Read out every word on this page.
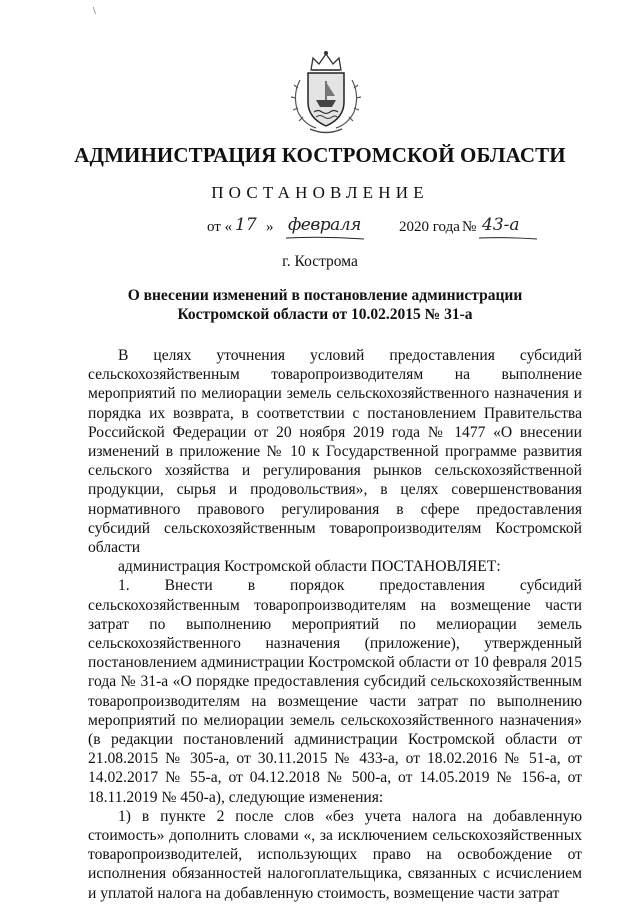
\
АДМИНИСТРАЦИЯ КОСТРОМСКОЙ ОБЛАСТИ
ПОСТАНОВЛЕНИЕ
от « 17 » февраля	2020 года № 43-а
г. Кострома
О внесении изменений в постановление администрации
Костромской области от 10.02.2015 № 31-а

В целях уточнения условий предоставления субсидий сельскохозяйственным товаропроизводителям на выполнение мероприятий по мелиорации земель сельскохозяйственного назначения и порядка их возврата, в соответствии с постановлением Правительства Российской Федерации от 20 ноября 2019 года № 1477 «О внесении изменений в приложение № 10 к Государственной программе развития сельского хозяйства и регулирования рынков сельскохозяйственной продукции, сырья и продовольствия», в целях совершенствования нормативного правового регулирования в сфере предоставления субсидий сельскохозяйственным товаропроизводителям Костромской области

администрация Костромской области ПОСТАНОВЛЯЕТ:

1. Внести в порядок предоставления субсидий сельскохозяйственным товаропроизводителям на возмещение части затрат по выполнению мероприятий по мелиорации земель сельскохозяйственного назначения (приложение), утвержденный постановлением администрации Костромской области от 10 февраля 2015 года № 31-а «О порядке предоставления субсидий сельскохозяйственным товаропроизводителям на возмещение части затрат по выполнению мероприятий по мелиорации земель сельскохозяйственного назначения» (в редакции постановлений администрации Костромской области от 21.08.2015 № 305-а, от 30.11.2015 № 433-а, от 18.02.2016 № 51-а, от 14.02.2017 № 55-а, от 04.12.2018 № 500-а, от 14.05.2019 № 156-а, от 18.11.2019 № 450-а), следующие изменения:

1) в пункте 2 после слов «без учета налога на добавленную стоимость» дополнить словами «, за исключением сельскохозяйственных товаропроизводителей, использующих право на освобождение от исполнения обязанностей налогоплательщика, связанных с исчислением и уплатой налога на добавленную стоимость, возмещение части затрат
